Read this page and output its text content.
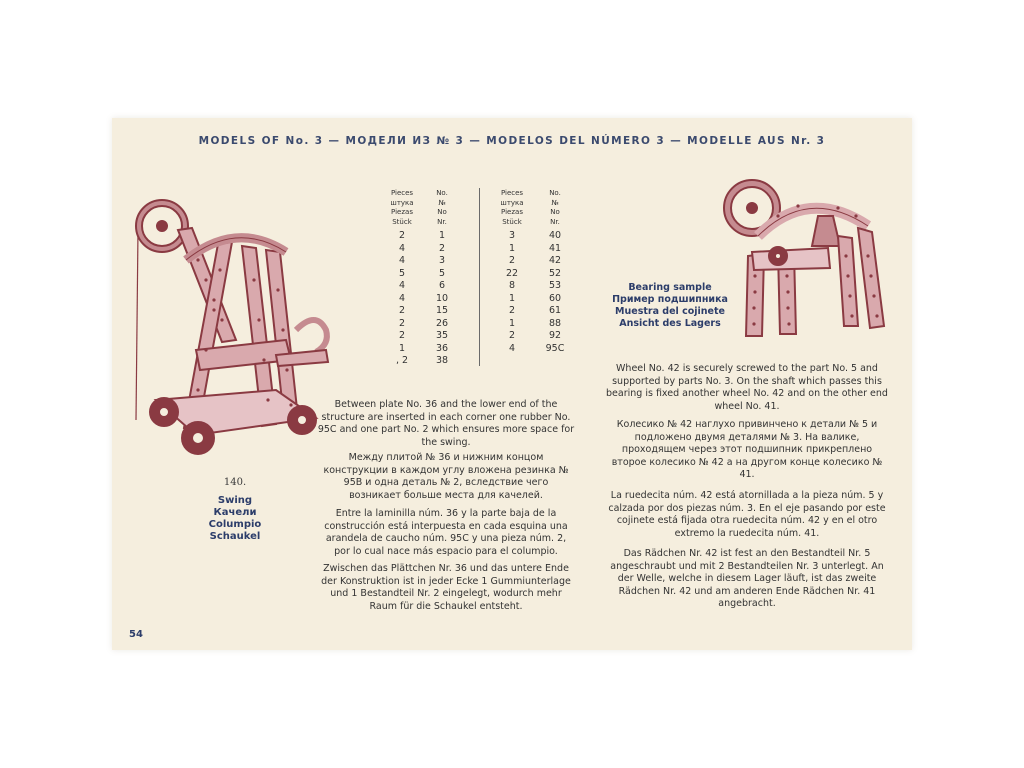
MODELS OF No. 3 — МОДЕЛИ ИЗ № 3 — MODELOS DEL NÚMERO 3 — MODELLE AUS Nr. 3
140.
Swing
Качели
Columpio
Schaukel
Pieces
штука
Piezas
Stück
No.
№
No
Nr.
2
4
4
5
4
4
2
2
2
1
, 2
1
2
3
5
6
10
15
26
35
36
38
Pieces
штука
Piezas
Stück
No.
№
No
Nr.
3
1
2
22
8
1
2
1
2
4
40
41
42
52
53
60
61
88
92
95C
Bearing sample
Пример подшипника
Muestra del cojinete
Ansicht des Lagers

Between plate No. 36 and the lower end of the structure are inserted in each corner one rubber No. 95C and one part No. 2 which ensures more space for the swing.

Между плитой № 36 и нижним концом конструкции в каждом углу вложена резинка № 95В и одна деталь № 2, вследствие чего возникает больше места для качелей.

Entre la laminilla núm. 36 y la parte baja de la construcción está interpuesta en cada esquina una arandela de caucho núm. 95C y una pieza núm. 2, por lo cual nace más espacio para el columpio.

Zwischen das Plättchen Nr. 36 und das untere Ende der Konstruktion ist in jeder Ecke 1 Gummiunterlage und 1 Bestandteil Nr. 2 eingelegt, wodurch mehr Raum für die Schaukel entsteht.

Wheel No. 42 is securely screwed to the part No. 5 and supported by parts No. 3. On the shaft which passes this bearing is fixed another wheel No. 42 and on the other end wheel No. 41.

Колесико № 42 наглухо привинчено к детали № 5 и подложено двумя деталями № 3. На валике, проходящем через этот подшипник прикреплено второе колесико № 42 а на другом конце колесико № 41.

La ruedecita núm. 42 está atornillada a la pieza núm. 5 y calzada por dos piezas núm. 3. En el eje pasando por este cojinete está fijada otra ruedecita núm. 42 y en el otro extremo la ruedecita núm. 41.

Das Rädchen Nr. 42 ist fest an den Bestandteil Nr. 5 angeschraubt und mit 2 Bestandteilen Nr. 3 unterlegt. An der Welle, welche in diesem Lager läuft, ist das zweite Rädchen Nr. 42 und am anderen Ende Rädchen Nr. 41 angebracht.

54
